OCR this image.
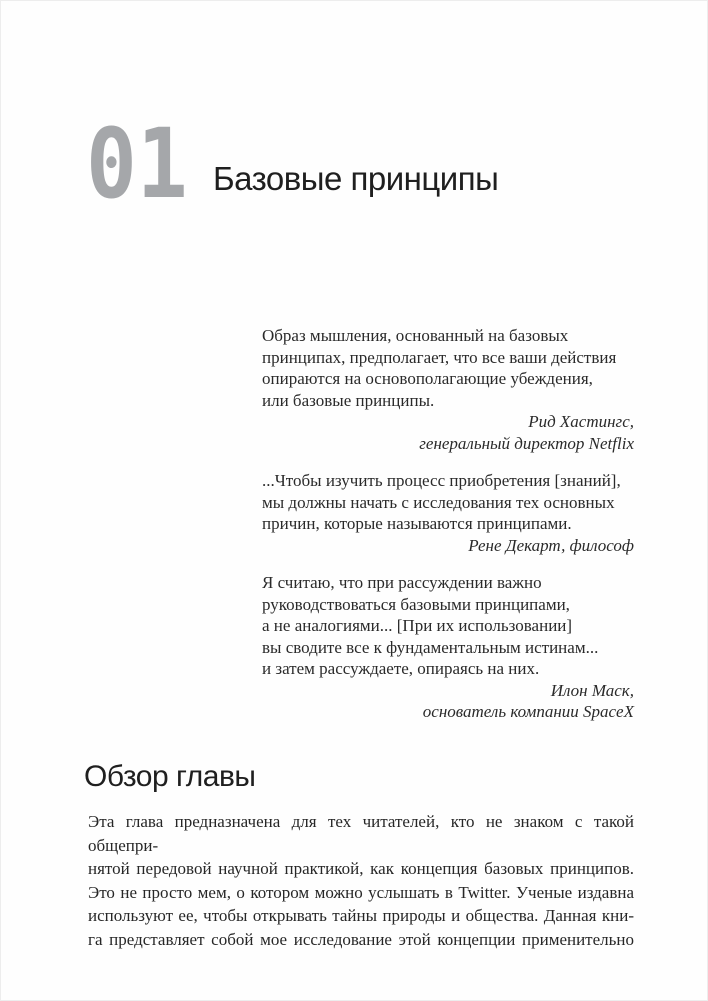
01 Базовые принципы
Образ мышления, основанный на базовых
принципах, предполагает, что все ваши действия
опираются на основополагающие убеждения,
или базовые принципы.
Рид Хастингс,
генеральный директор Netflix
...Чтобы изучить процесс приобретения [знаний],
мы должны начать с исследования тех основных
причин, которые называются принципами.
Рене Декарт, философ
Я считаю, что при рассуждении важно
руководствоваться базовыми принципами,
а не аналогиями... [При их использовании]
вы сводите все к фундаментальным истинам...
и затем рассуждаете, опираясь на них.
Илон Маск,
основатель компании SpaceX
Обзор главы
Эта глава предназначена для тех читателей, кто не знаком с такой общепри-
нятой передовой научной практикой, как концепция базовых принципов.
Это не просто мем, о котором можно услышать в Twitter. Ученые издавна
используют ее, чтобы открывать тайны природы и общества. Данная кни-
га представляет собой мое исследование этой концепции применительно
